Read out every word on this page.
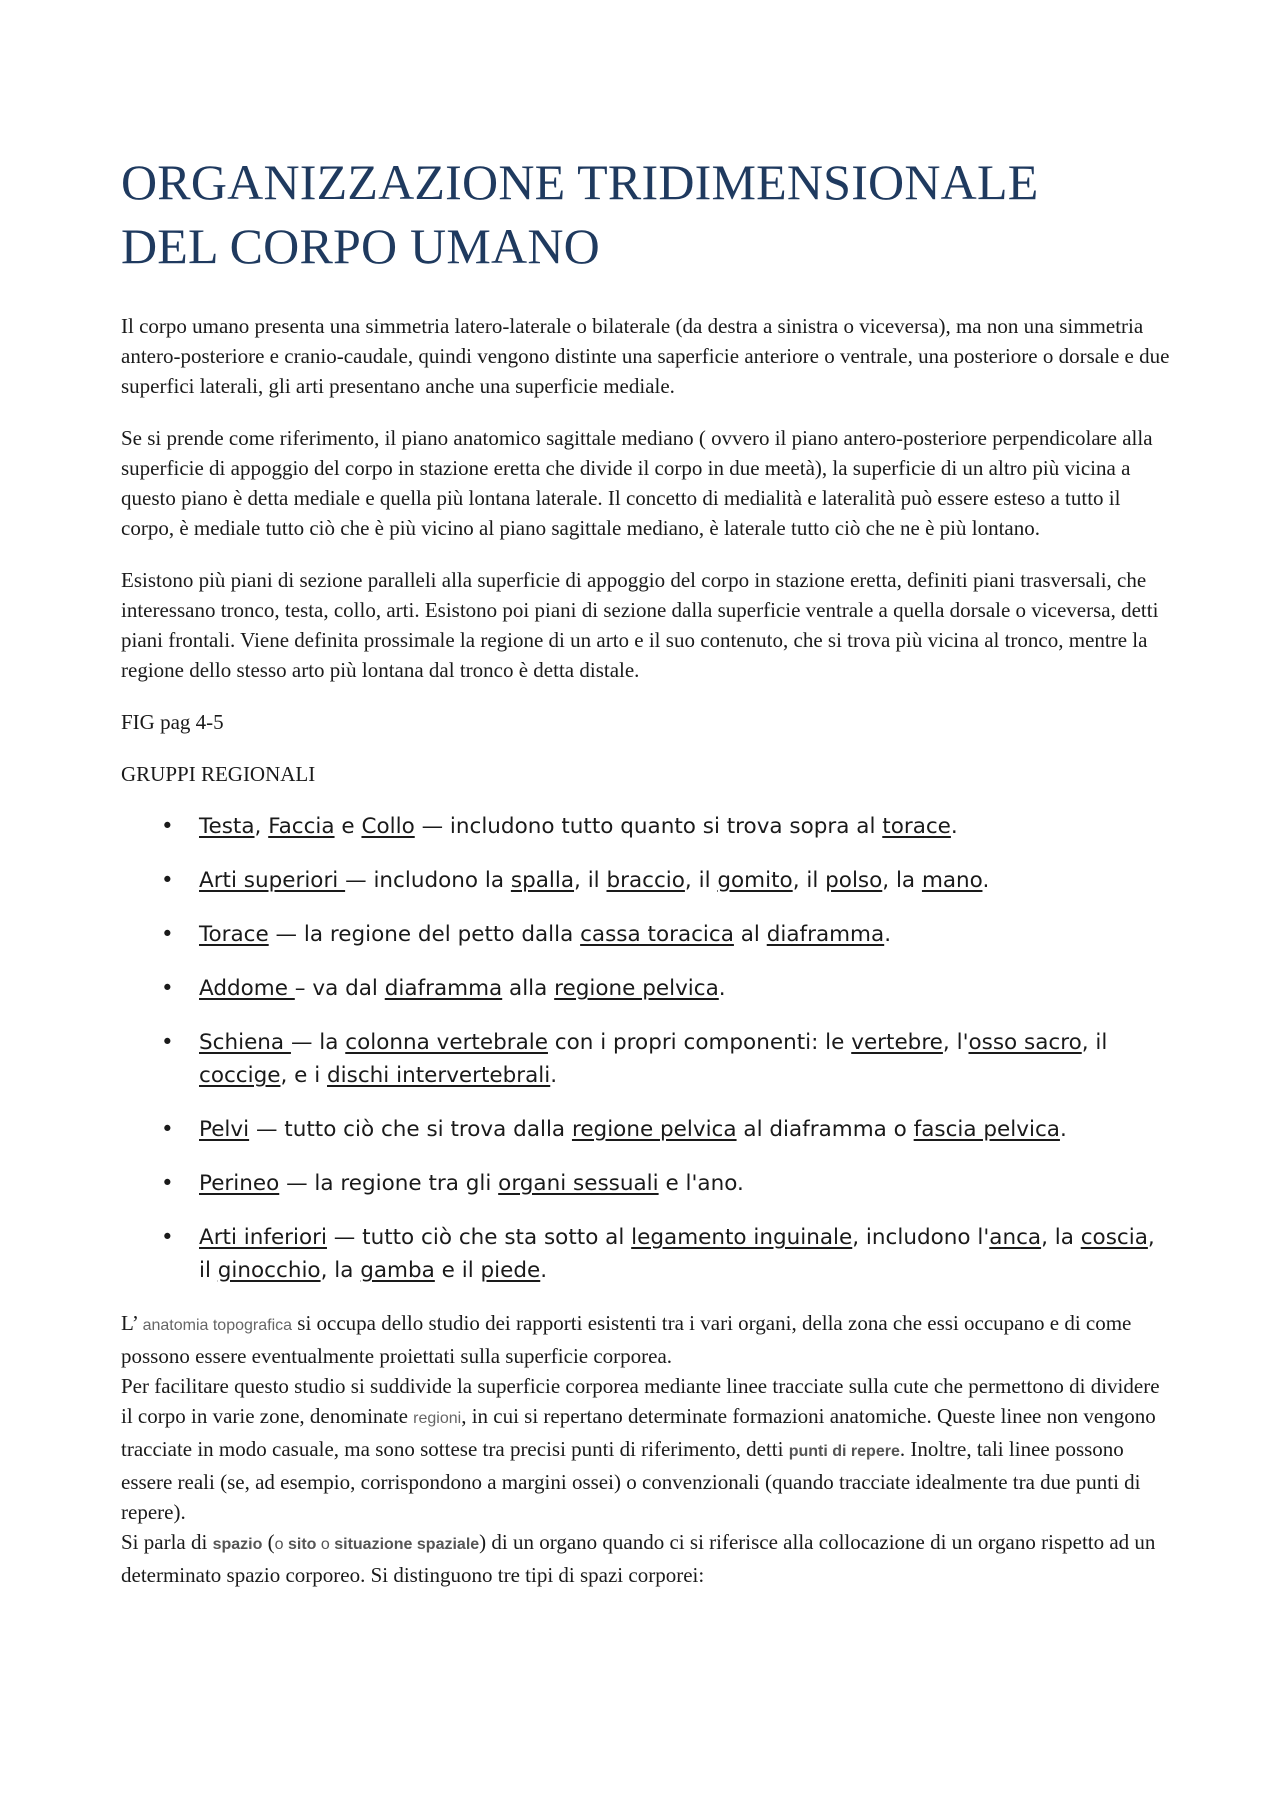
ORGANIZZAZIONE TRIDIMENSIONALE
DEL CORPO UMANO

Il corpo umano presenta una simmetria latero-laterale o bilaterale (da destra a sinistra o viceversa), ma non una simmetria antero-posteriore e cranio-caudale, quindi vengono distinte una saperficie anteriore o ventrale, una posteriore o dorsale e due superfici laterali, gli arti presentano anche una superficie mediale.

Se si prende come riferimento, il piano anatomico sagittale mediano ( ovvero il piano antero-posteriore perpendicolare alla superficie di appoggio del corpo in stazione eretta che divide il corpo in due meetà), la superficie di un altro più vicina a questo piano è detta mediale e quella più lontana laterale. Il concetto di medialità e lateralità può essere esteso a tutto il corpo, è mediale tutto ciò che è più vicino al piano sagittale mediano, è laterale tutto ciò che ne è più lontano.

Esistono più piani di sezione paralleli alla superficie di appoggio del corpo in stazione eretta, definiti piani trasversali, che interessano tronco, testa, collo, arti. Esistono poi piani di sezione dalla superficie ventrale a quella dorsale o viceversa, detti piani frontali. Viene definita prossimale la regione di un arto e il suo contenuto, che si trova più vicina al tronco, mentre la regione dello stesso arto più lontana dal tronco è detta distale.

FIG pag 4-5

GRUPPI REGIONALI

• Testa, Faccia e Collo — includono tutto quanto si trova sopra al torace.
• Arti superiori — includono la spalla, il braccio, il gomito, il polso, la mano.
• Torace — la regione del petto dalla cassa toracica al diaframma.
• Addome – va dal diaframma alla regione pelvica.
• Schiena — la colonna vertebrale con i propri componenti: le vertebre, l'osso sacro, il coccige, e i dischi intervertebrali.
• Pelvi — tutto ciò che si trova dalla regione pelvica al diaframma o fascia pelvica.
• Perineo — la regione tra gli organi sessuali e l'ano.
• Arti inferiori — tutto ciò che sta sotto al legamento inguinale, includono l'anca, la coscia, il ginocchio, la gamba e il piede.

L’ anatomia topografica si occupa dello studio dei rapporti esistenti tra i vari organi, della zona che essi occupano e di come possono essere eventualmente proiettati sulla superficie corporea.
Per facilitare questo studio si suddivide la superficie corporea mediante linee tracciate sulla cute che permettono di dividere il corpo in varie zone, denominate regioni, in cui si repertano determinate formazioni anatomiche. Queste linee non vengono tracciate in modo casuale, ma sono sottese tra precisi punti di riferimento, detti punti di repere. Inoltre, tali linee possono essere reali (se, ad esempio, corrispondono a margini ossei) o convenzionali (quando tracciate idealmente tra due punti di repere).
Si parla di spazio (o sito o situazione spaziale) di un organo quando ci si riferisce alla collocazione di un organo rispetto ad un determinato spazio corporeo. Si distinguono tre tipi di spazi corporei:
